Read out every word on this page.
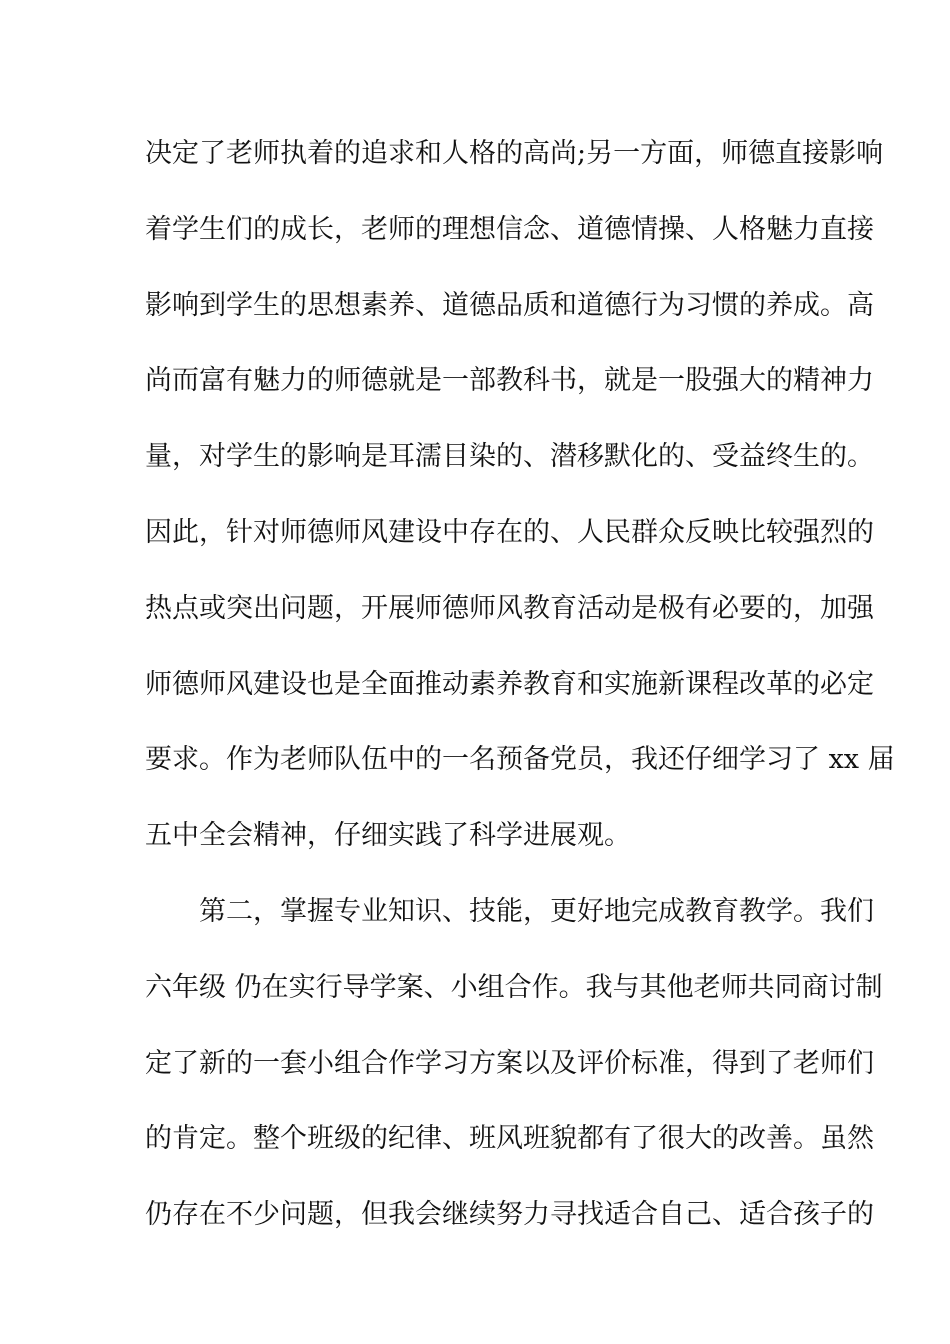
决定了老师执着的追求和人格的高尚;另一方面，师德直接影响
着学生们的成长，老师的理想信念、道德情操、人格魅力直接
影响到学生的思想素养、道德品质和道德行为习惯的养成。高
尚而富有魅力的师德就是一部教科书，就是一股强大的精神力
量，对学生的影响是耳濡目染的、潜移默化的、受益终生的。
因此，针对师德师风建设中存在的、人民群众反映比较强烈的
热点或突出问题，开展师德师风教育活动是极有必要的，加强
师德师风建设也是全面推动素养教育和实施新课程改革的必定
要求。作为老师队伍中的一名预备党员，我还仔细学习了 xx 届
五中全会精神，仔细实践了科学进展观。
第二，掌握专业知识、技能，更好地完成教育教学。我们
六年级 仍在实行导学案、小组合作。我与其他老师共同商讨制
定了新的一套小组合作学习方案以及评价标准，得到了老师们
的肯定。整个班级的纪律、班风班貌都有了很大的改善。虽然
仍存在不少问题，但我会继续努力寻找适合自己、适合孩子的
